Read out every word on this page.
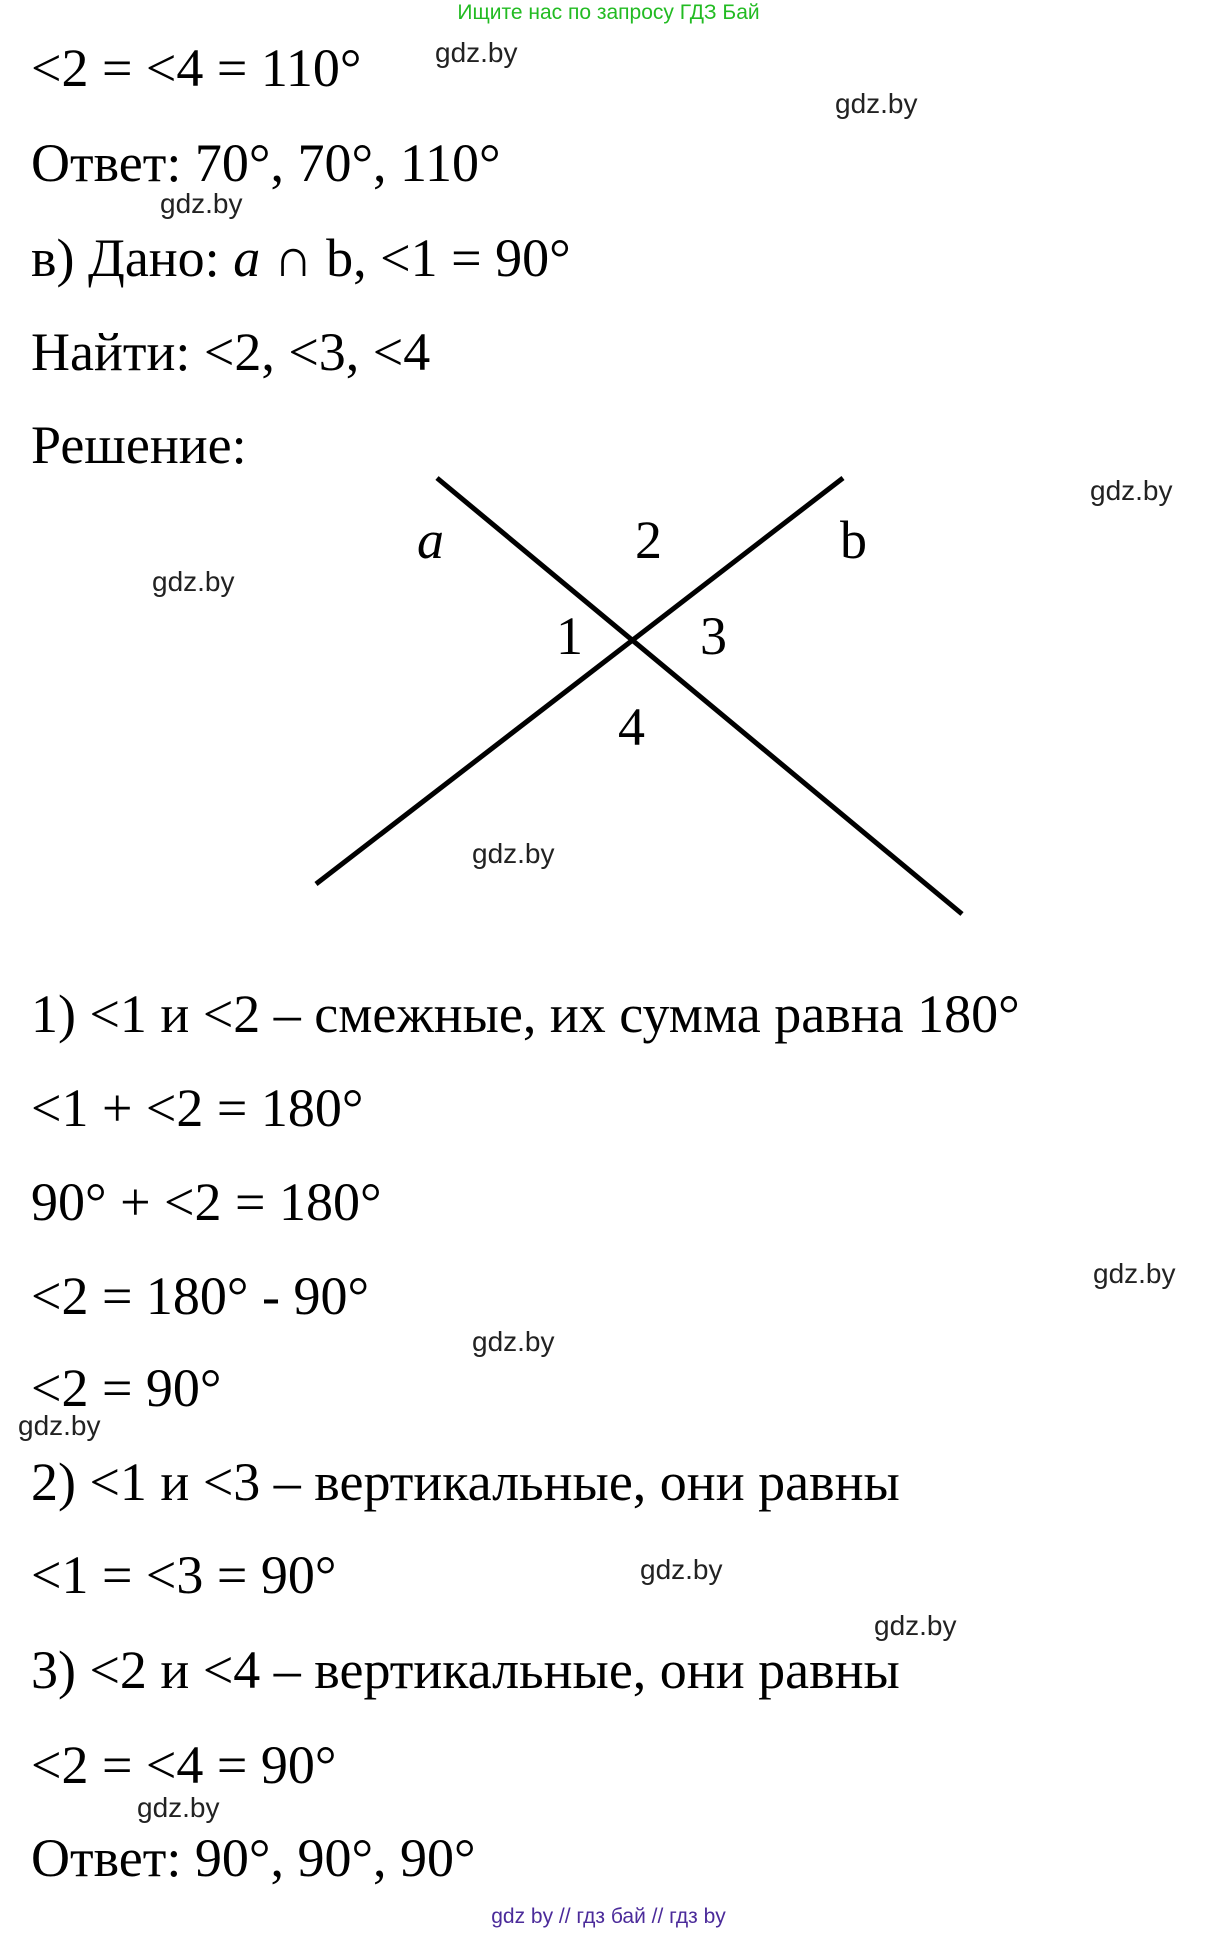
Ищите нас по запросу ГДЗ Бай
<2 = <4 = 110°
Ответ: 70°, 70°, 110°
в) Дано: a ∩ b, <1 = 90°
Найти: <2, <3, <4
Решение:
a	2	b
1 3
4
1) <1 и <2 – смежные, их сумма равна 180°
<1 + <2 = 180°
90° + <2 = 180°
<2 = 180° - 90°
<2 = 90°
2) <1 и <3 – вертикальные, они равны
<1 = <3 = 90°
3) <2 и <4 – вертикальные, они равны
<2 = <4 = 90°
Ответ: 90°, 90°, 90°
gdz.by
gdz.by
gdz.by
gdz.by
gdz.by
gdz.by
gdz.by
gdz.by
gdz.by
gdz.by
gdz.by
gdz.by
gdz by // гдз бай // гдз by
